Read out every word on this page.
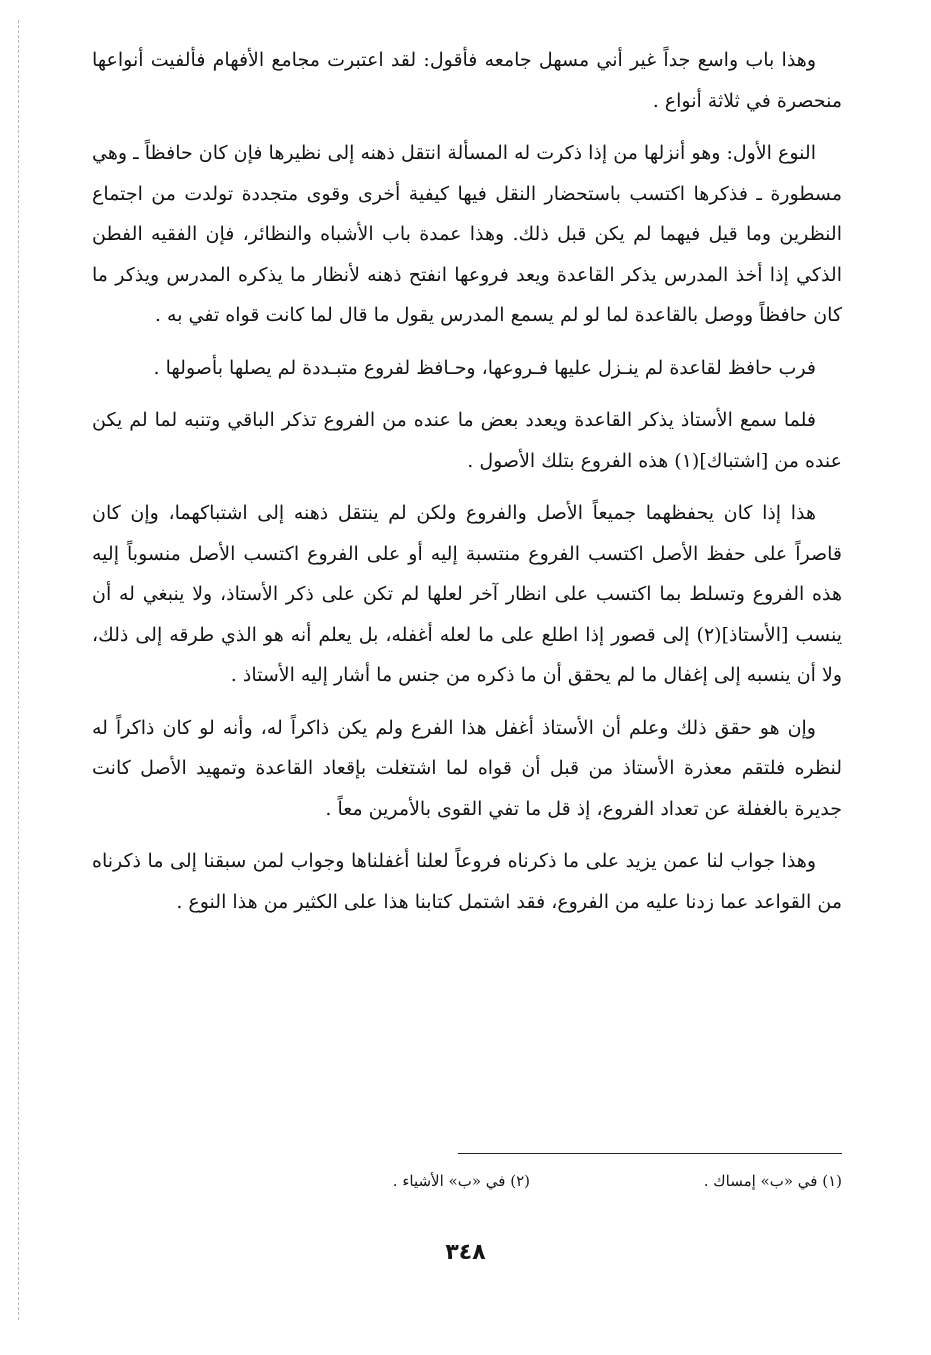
وهذا باب واسع جداً غير أني مسهل جامعه فأقول: لقد اعتبرت مجامع الأفهام فألفيت أنواعها منحصرة في ثلاثة أنواع .

النوع الأول: وهو أنزلها من إذا ذكرت له المسألة انتقل ذهنه إلى نظيرها فإن كان حافظاً ـ وهي مسطورة ـ فذكرها اكتسب باستحضار النقل فيها كيفية أخرى وقوى متجددة تولدت من اجتماع النظرين وما قيل فيهما لم يكن قبل ذلك. وهذا عمدة باب الأشباه والنظائر، فإن الفقيه الفطن الذكي إذا أخذ المدرس يذكر القاعدة ويعد فروعها انفتح ذهنه لأنظار ما يذكره المدرس ويذكر ما كان حافظاً ووصل بالقاعدة لما لو لم يسمع المدرس يقول ما قال لما كانت قواه تفي به .

فرب حافظ لقاعدة لم ينـزل عليها فـروعها، وحـافظ لفروع متبـددة لم يصلها بأصولها .

فلما سمع الأستاذ يذكر القاعدة ويعدد بعض ما عنده من الفروع تذكر الباقي وتنبه لما لم يكن عنده من [اشتباك](١) هذه الفروع بتلك الأصول .

هذا إذا كان يحفظهما جميعاً الأصل والفروع ولكن لم ينتقل ذهنه إلى اشتباكهما، وإن كان قاصراً على حفظ الأصل اكتسب الفروع منتسبة إليه أو على الفروع اكتسب الأصل منسوباً إليه هذه الفروع وتسلط بما اكتسب على انظار آخر لعلها لم تكن على ذكر الأستاذ، ولا ينبغي له أن ينسب [الأستاذ](٢) إلى قصور إذا اطلع على ما لعله أغفله، بل يعلم أنه هو الذي طرقه إلى ذلك، ولا أن ينسبه إلى إغفال ما لم يحقق أن ما ذكره من جنس ما أشار إليه الأستاذ .

وإن هو حقق ذلك وعلم أن الأستاذ أغفل هذا الفرع ولم يكن ذاكراً له، وأنه لو كان ذاكراً له لنظره فلتقم معذرة الأستاذ من قبل أن قواه لما اشتغلت بإقعاد القاعدة وتمهيد الأصل كانت جديرة بالغفلة عن تعداد الفروع، إذ قل ما تفي القوى بالأمرين معاً .

وهذا جواب لنا عمن يزيد على ما ذكرناه فروعاً لعلنا أغفلناها وجواب لمن سبقنا إلى ما ذكرناه من القواعد عما زدنا عليه من الفروع، فقد اشتمل كتابنا هذا على الكثير من هذا النوع .

(١) في «ب» إمساك .
(٢) في «ب» الأشياء .
٣٤٨
